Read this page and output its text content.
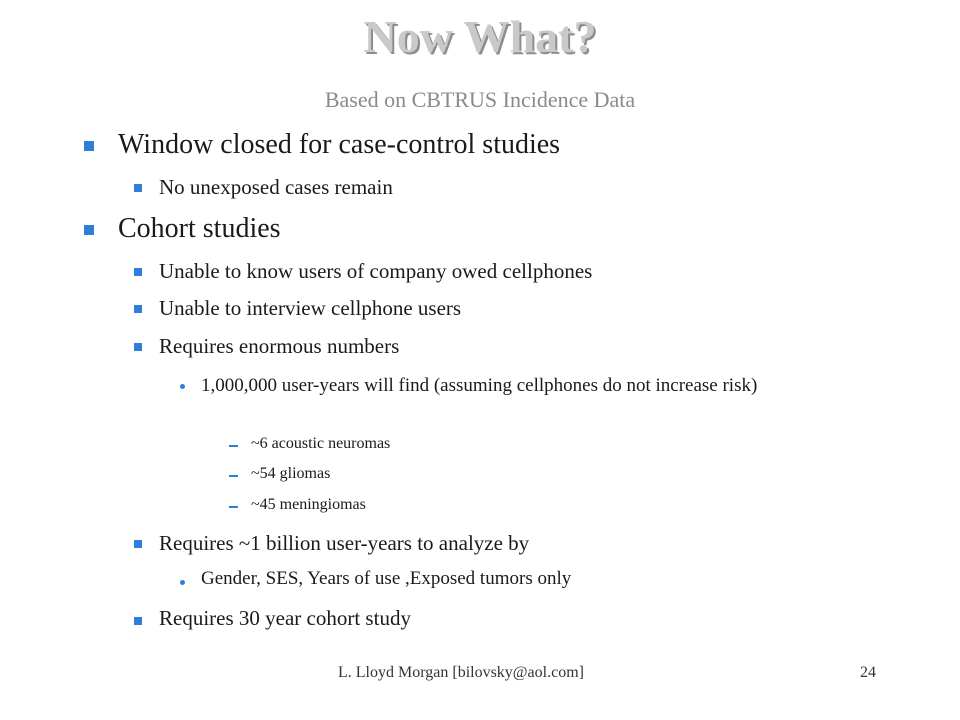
Now What?
Based on CBTRUS Incidence Data
Window closed for case-control studies
No unexposed cases remain
Cohort studies
Unable to know users of company owed cellphones
Unable to interview cellphone users
Requires enormous numbers
1,000,000 user-years will find (assuming cellphones do not increase risk)
~6 acoustic neuromas
~54 gliomas
~45 meningiomas
Requires ~1 billion user-years to analyze by
Gender, SES, Years of use ,Exposed tumors only
Requires 30 year cohort study
L. Lloyd Morgan [bilovsky@aol.com]	24
